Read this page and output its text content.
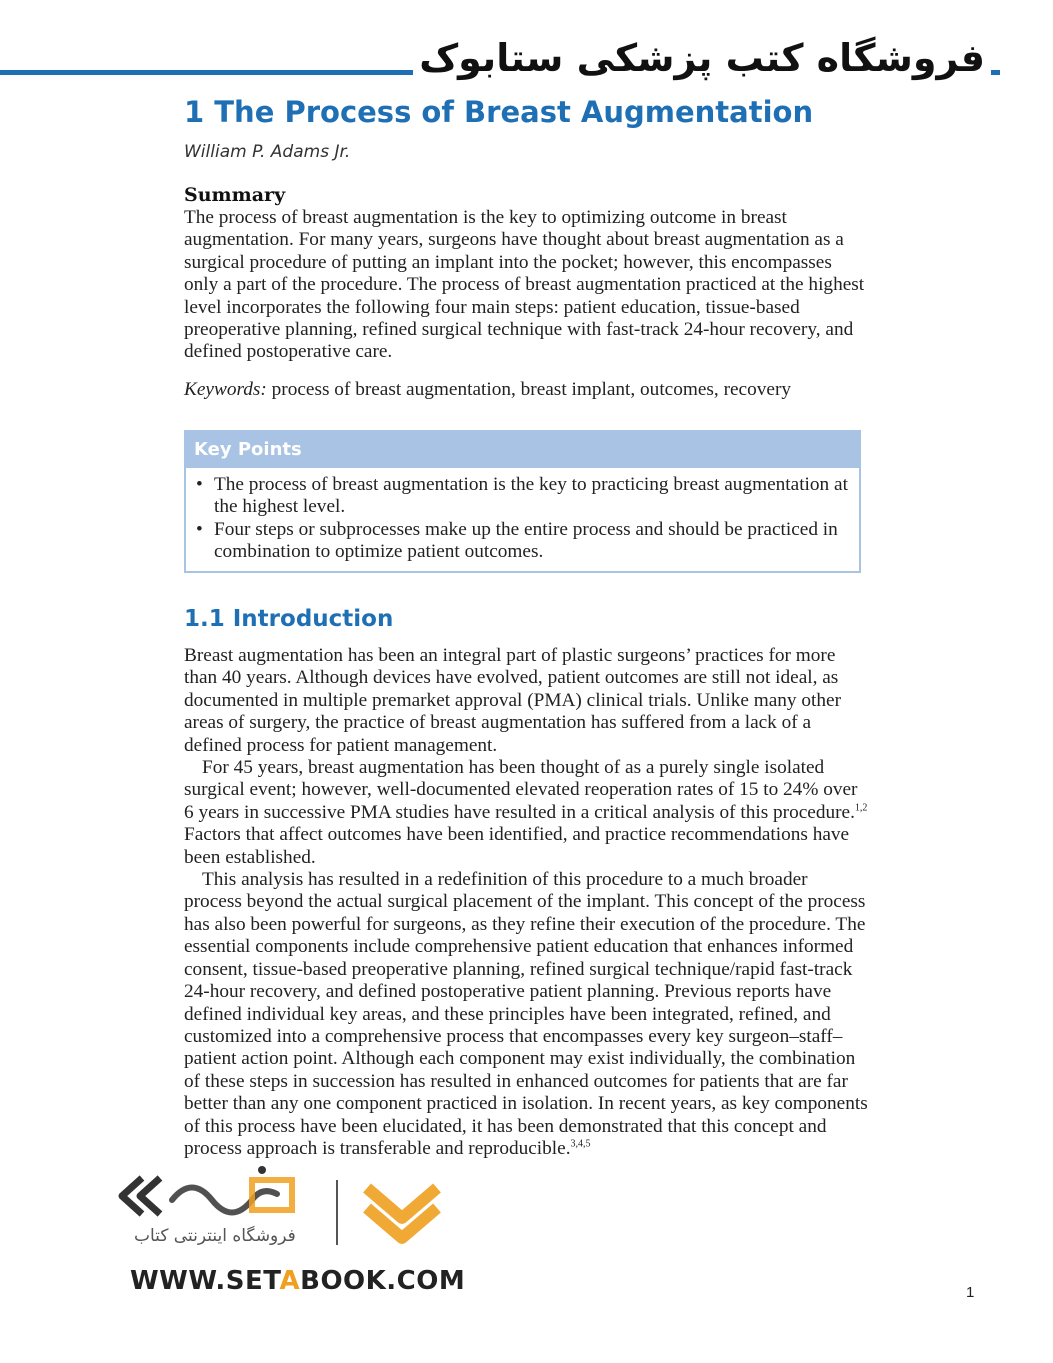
فروشگاه کتب پزشکی ستابوک
1 The Process of Breast Augmentation
William P. Adams Jr.
Summary

The process of breast augmentation is the key to optimizing outcome in breast augmentation. For many years, surgeons have thought about breast augmentation as a surgical procedure of putting an implant into the pocket; however, this encompasses only a part of the procedure. The process of breast augmentation practiced at the highest level incorporates the following four main steps: patient education, tissue-based preoperative planning, refined surgical technique with fast-track 24-hour recovery, and defined postoperative care.

Keywords: process of breast augmentation, breast implant, outcomes, recovery

Key Points
• The process of breast augmentation is the key to practicing breast augmentation at the highest level.
• Four steps or subprocesses make up the entire process and should be practiced in combination to optimize patient outcomes.
1.1 Introduction

Breast augmentation has been an integral part of plastic surgeons’ practices for more than 40 years. Although devices have evolved, patient outcomes are still not ideal, as documented in multiple premarket approval (PMA) clinical trials. Unlike many other areas of surgery, the practice of breast augmentation has suffered from a lack of a defined process for patient management.

For 45 years, breast augmentation has been thought of as a purely single isolated surgical event; however, well-documented elevated reoperation rates of 15 to 24% over 6 years in successive PMA studies have resulted in a critical analysis of this procedure.$^{1,2}$

Factors that affect outcomes have been identified, and practice recommendations have been established.

This analysis has resulted in a redefinition of this procedure to a much broader process beyond the actual surgical placement of the implant. This concept of the process has also been powerful for surgeons, as they refine their execution of the procedure. The essential components include comprehensive patient education that enhances informed consent, tissue-based preoperative planning, refined surgical technique/rapid fast-track 24-hour recovery, and defined postoperative patient planning. Previous reports have defined individual key areas, and these principles have been integrated, refined, and customized into a comprehensive process that encompasses every key surgeon–staff–patient action point. Although each component may exist individually, the combination of these steps in succession has resulted in enhanced outcomes for patients that are far better than any one component practiced in isolation. In recent years, as key components of this process have been elucidated, it has been demonstrated that this concept and process approach is transferable and reproducible.$^{3,4,5}$

فروشگاه اینترنتی کتاب
WWW.SETABOOK.COM	1
